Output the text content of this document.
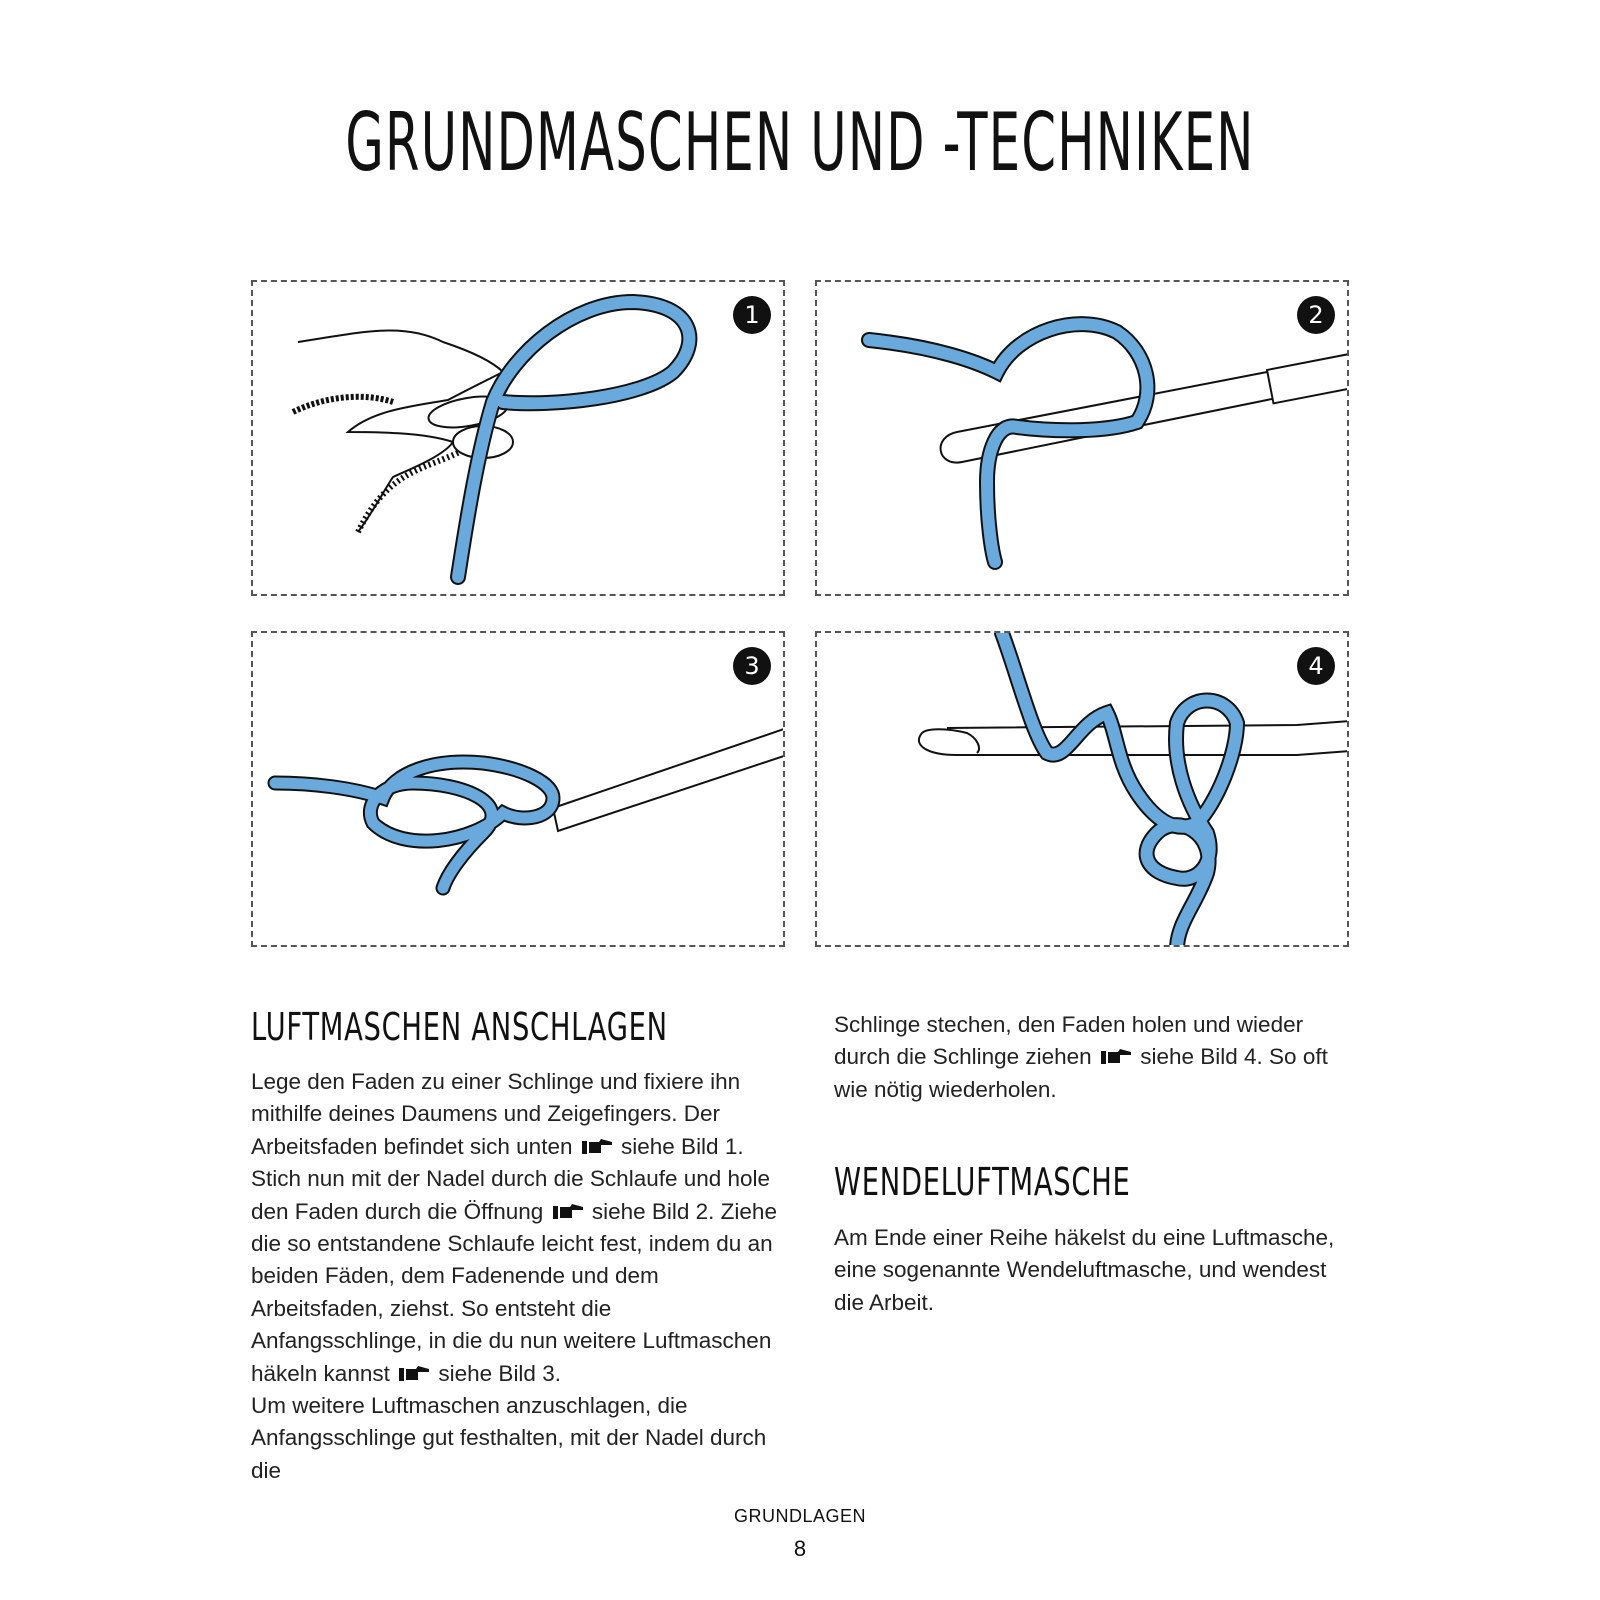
GRUNDMASCHEN UND -TECHNIKEN
1	2
3	4
LUFTMASCHEN ANSCHLAGEN

Lege den Faden zu einer Schlinge und fixiere ihn mithilfe deines Daumens und Zeigefingers. Der Arbeitsfaden befindet sich unten siehe Bild 1. Stich nun mit der Nadel durch die Schlaufe und hole den Faden durch die Öffnung siehe Bild 2. Ziehe die so entstandene Schlaufe leicht fest, indem du an beiden Fäden, dem Fadenende und dem Arbeitsfaden, ziehst. So entsteht die Anfangsschlinge, in die du nun weitere Luftmaschen häkeln kannst siehe Bild 3.

Um weitere Luftmaschen anzuschlagen, die Anfangsschlinge gut festhalten, mit der Nadel durch die

Schlinge stechen, den Faden holen und wieder durch die Schlinge ziehen siehe Bild 4. So oft wie nötig wiederholen.

WENDELUFTMASCHE

Am Ende einer Reihe häkelst du eine Luftmasche, eine sogenannte Wendeluftmasche, und wendest die Arbeit.

GRUNDLAGEN
8
